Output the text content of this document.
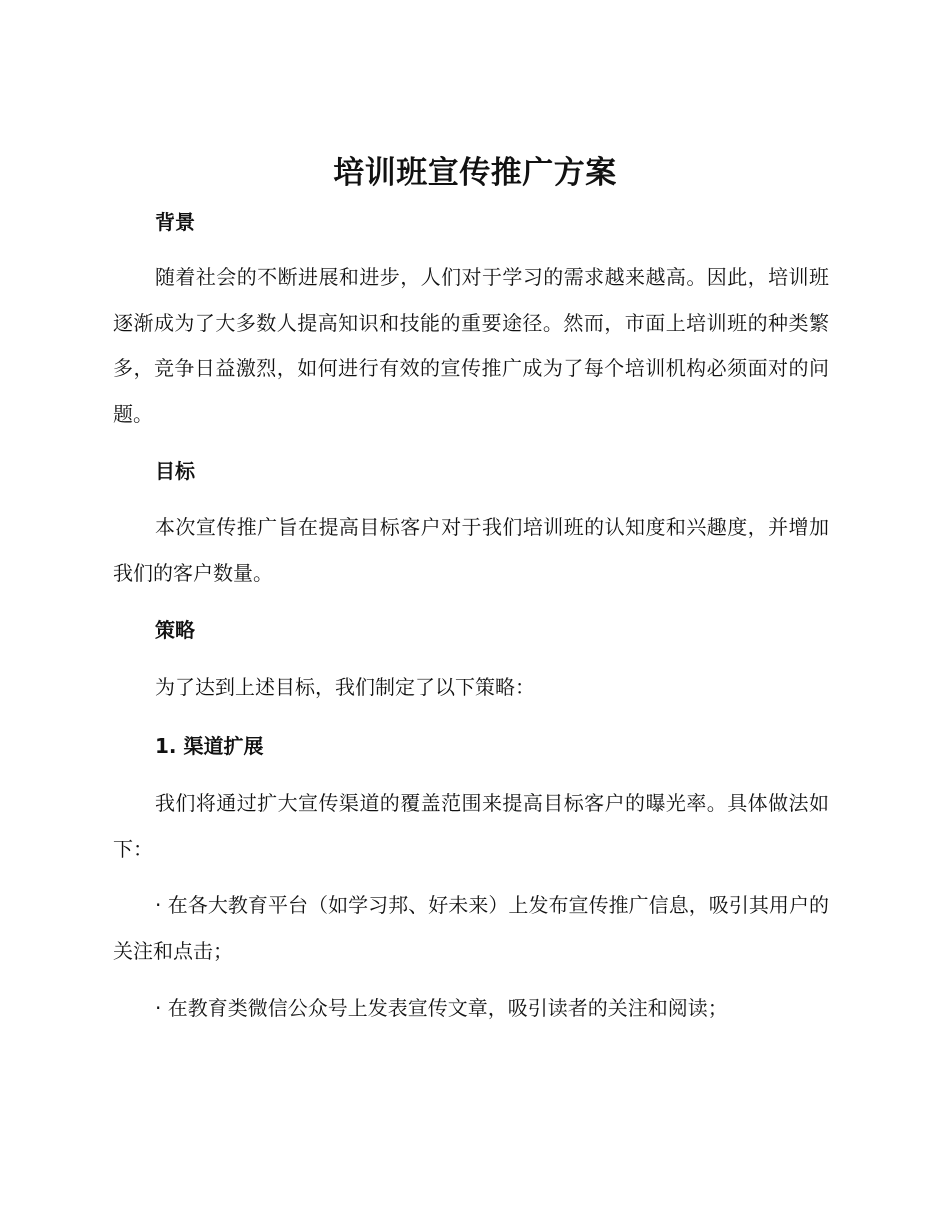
培训班宣传推广方案
背景

随着社会的不断进展和进步，人们对于学习的需求越来越高。因此，培训班逐渐成为了大多数人提高知识和技能的重要途径。然而，市面上培训班的种类繁多，竞争日益激烈，如何进行有效的宣传推广成为了每个培训机构必须面对的问题。

目标

本次宣传推广旨在提高目标客户对于我们培训班的认知度和兴趣度，并增加我们的客户数量。

策略

为了达到上述目标，我们制定了以下策略：

1. 渠道扩展

我们将通过扩大宣传渠道的覆盖范围来提高目标客户的曝光率。具体做法如下：

· 在各大教育平台（如学习邦、好未来）上发布宣传推广信息，吸引其用户的关注和点击；

· 在教育类微信公众号上发表宣传文章，吸引读者的关注和阅读；
